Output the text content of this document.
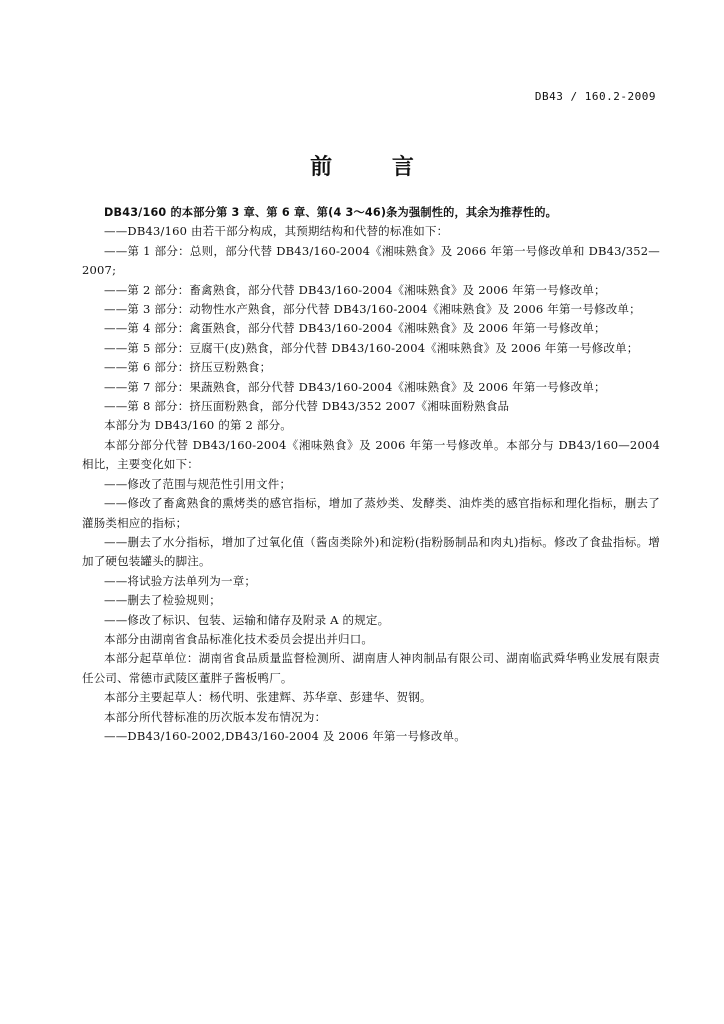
DB43 / 160.2-2009
前 言

DB43/160 的本部分第 3 章、第 6 章、第(4 3～46)条为强制性的，其余为推荐性的。

——DB43/160 由若干部分构成，其预期结构和代替的标准如下：

——第 1 部分：总则，部分代替 DB43/160-2004《湘味熟食》及 2066 年第一号修改单和 DB43/352—2007;

——第 2 部分：畜禽熟食，部分代替 DB43/160-2004《湘味熟食》及 2006 年第一号修改单；

——第 3 部分：动物性水产熟食，部分代替 DB43/160-2004《湘味熟食》及 2006 年第一号修改单；

——第 4 部分：禽蛋熟食，部分代替 DB43/160-2004《湘味熟食》及 2006 年第一号修改单；

——第 5 部分：豆腐干(皮)熟食，部分代替 DB43/160-2004《湘味熟食》及 2006 年第一号修改单；

——第 6 部分：挤压豆粉熟食；

——第 7 部分：果蔬熟食，部分代替 DB43/160-2004《湘味熟食》及 2006 年第一号修改单；

——第 8 部分：挤压面粉熟食，部分代替 DB43/352 2007《湘味面粉熟食品

本部分为 DB43/160 的第 2 部分。

本部分部分代替 DB43/160-2004《湘味熟食》及 2006 年第一号修改单。本部分与 DB43/160—2004 相比，主要变化如下：

——修改了范围与规范性引用文件；

——修改了畜禽熟食的熏烤类的感官指标，增加了蒸炒类、发酵类、油炸类的感官指标和理化指标，删去了灌肠类相应的指标；

——删去了水分指标，增加了过氧化值（酱卤类除外)和淀粉(指粉肠制品和肉丸)指标。修改了食盐指标。增加了硬包装罐头的脚注。

——将试验方法单列为一章；

——删去了检验规则；

——修改了标识、包装、运输和储存及附录 A 的规定。

本部分由湖南省食品标准化技术委员会提出并归口。

本部分起草单位：湖南省食品质量监督检测所、湖南唐人神肉制品有限公司、湖南临武舜华鸭业发展有限责任公司、常德市武陵区董胖子酱板鸭厂。

本部分主要起草人：杨代明、张建辉、苏华章、彭建华、贺钢。

本部分所代替标准的历次版本发布情况为：

——DB43/160-2002,DB43/160-2004 及 2006 年第一号修改单。
